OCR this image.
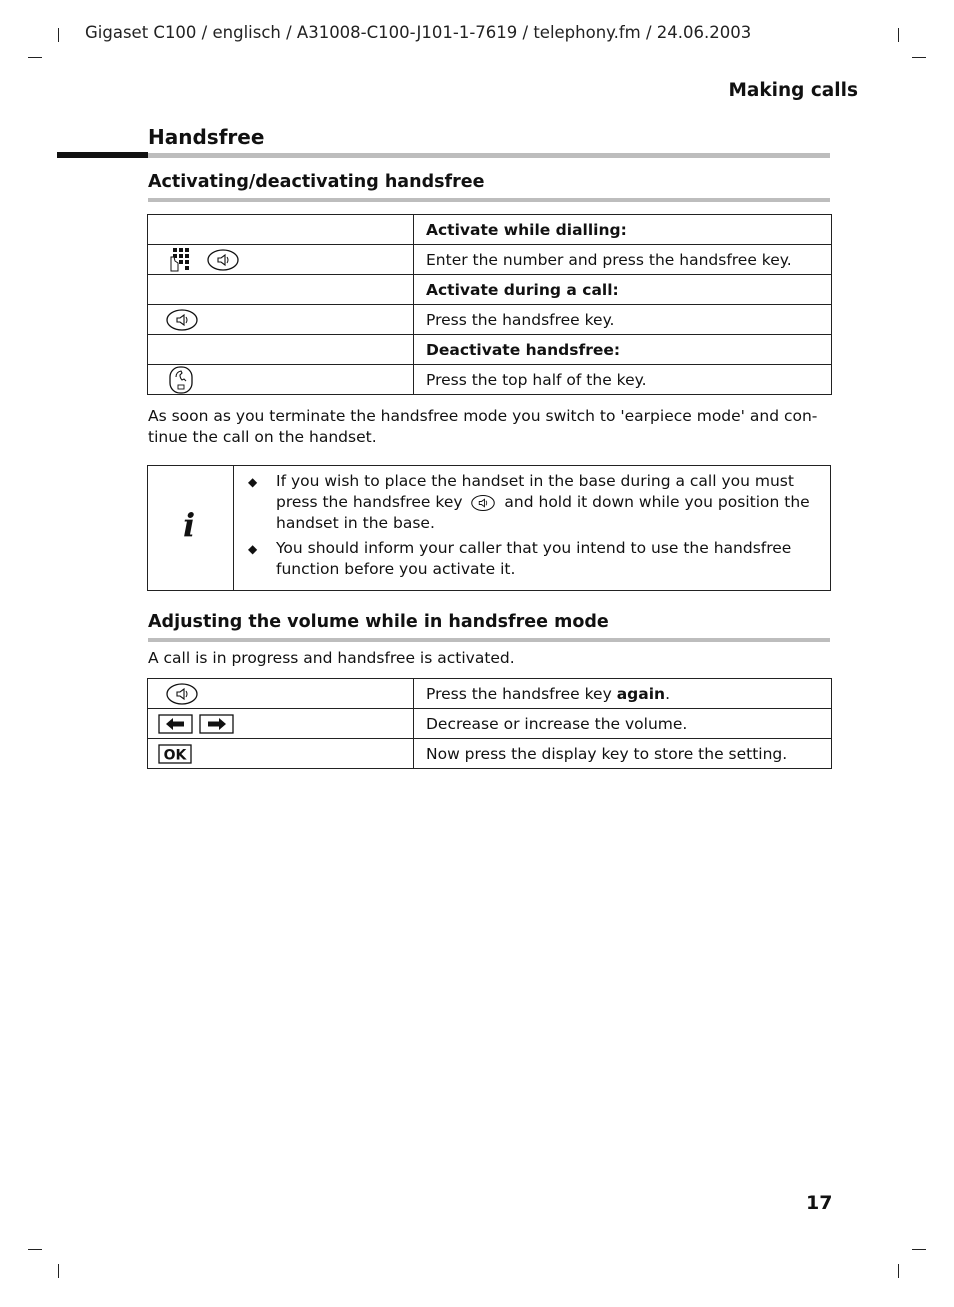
Gigaset C100 / englisch / A31008-C100-J101-1-7619 / telephony.fm / 24.06.2003
Making calls
Handsfree
Activating/deactivating handsfree
	Activate while dialling:

	Enter the number and press the handsfree key.
	Activate during a call:

	Press the handsfree key.
	Deactivate handsfree:

	Press the top half of the key.
As soon as you terminate the handsfree mode you switch to 'earpiece mode' and con-
tinue the call on the handset.
i
◆ If you wish to place the handset in the base during a call you must
press the handsfree key	and hold it down while you position the
handset in the base.
◆ You should inform your caller that you intend to use the handsfree
function before you activate it.
Adjusting the volume while in handsfree mode
A call is in progress and handsfree is activated.
	Press the handsfree key again.

	Decrease or increase the volume.

OK	Now press the display key to store the setting.
17
